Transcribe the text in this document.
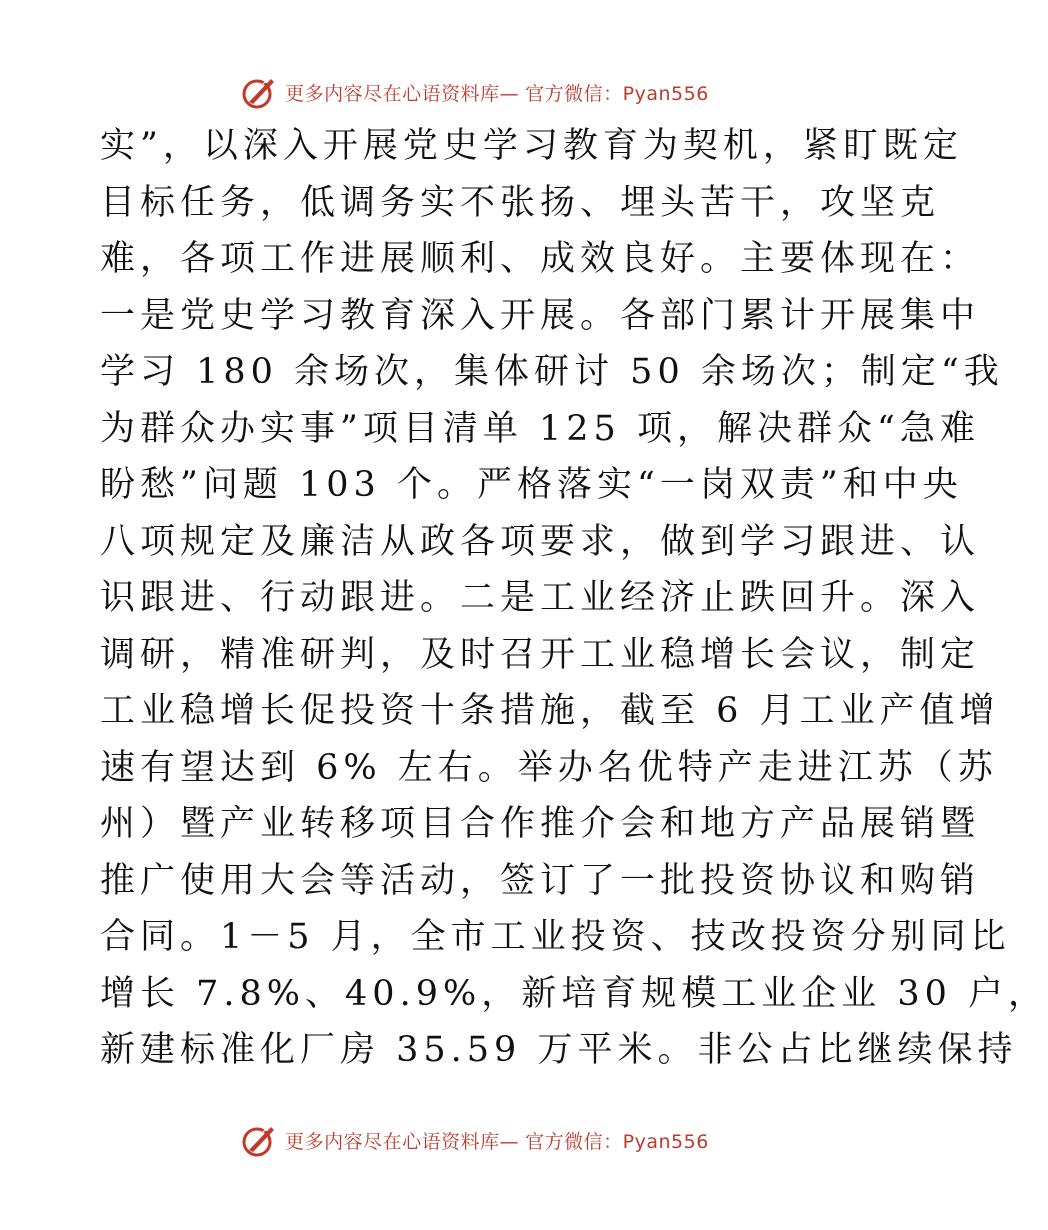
更多内容尽在心语资料库— 官方微信：Pyan556
实”，以深入开展党史学习教育为契机，紧盯既定
目标任务，低调务实不张扬、埋头苦干，攻坚克
难，各项工作进展顺利、成效良好。主要体现在：
一是党史学习教育深入开展。各部门累计开展集中
学习 180 余场次，集体研讨 50 余场次；制定“我
为群众办实事”项目清单 125 项，解决群众“急难
盼愁”问题 103 个。严格落实“一岗双责”和中央
八项规定及廉洁从政各项要求，做到学习跟进、认
识跟进、行动跟进。二是工业经济止跌回升。深入
调研，精准研判，及时召开工业稳增长会议，制定
工业稳增长促投资十条措施，截至 6 月工业产值增
速有望达到 6% 左右。举办名优特产走进江苏（苏
州）暨产业转移项目合作推介会和地方产品展销暨
推广使用大会等活动，签订了一批投资协议和购销
合同。1－5 月，全市工业投资、技改投资分别同比
增长 7.8%、40.9%，新培育规模工业企业 30 户，
新建标准化厂房 35.59 万平米。非公占比继续保持
更多内容尽在心语资料库— 官方微信：Pyan556
